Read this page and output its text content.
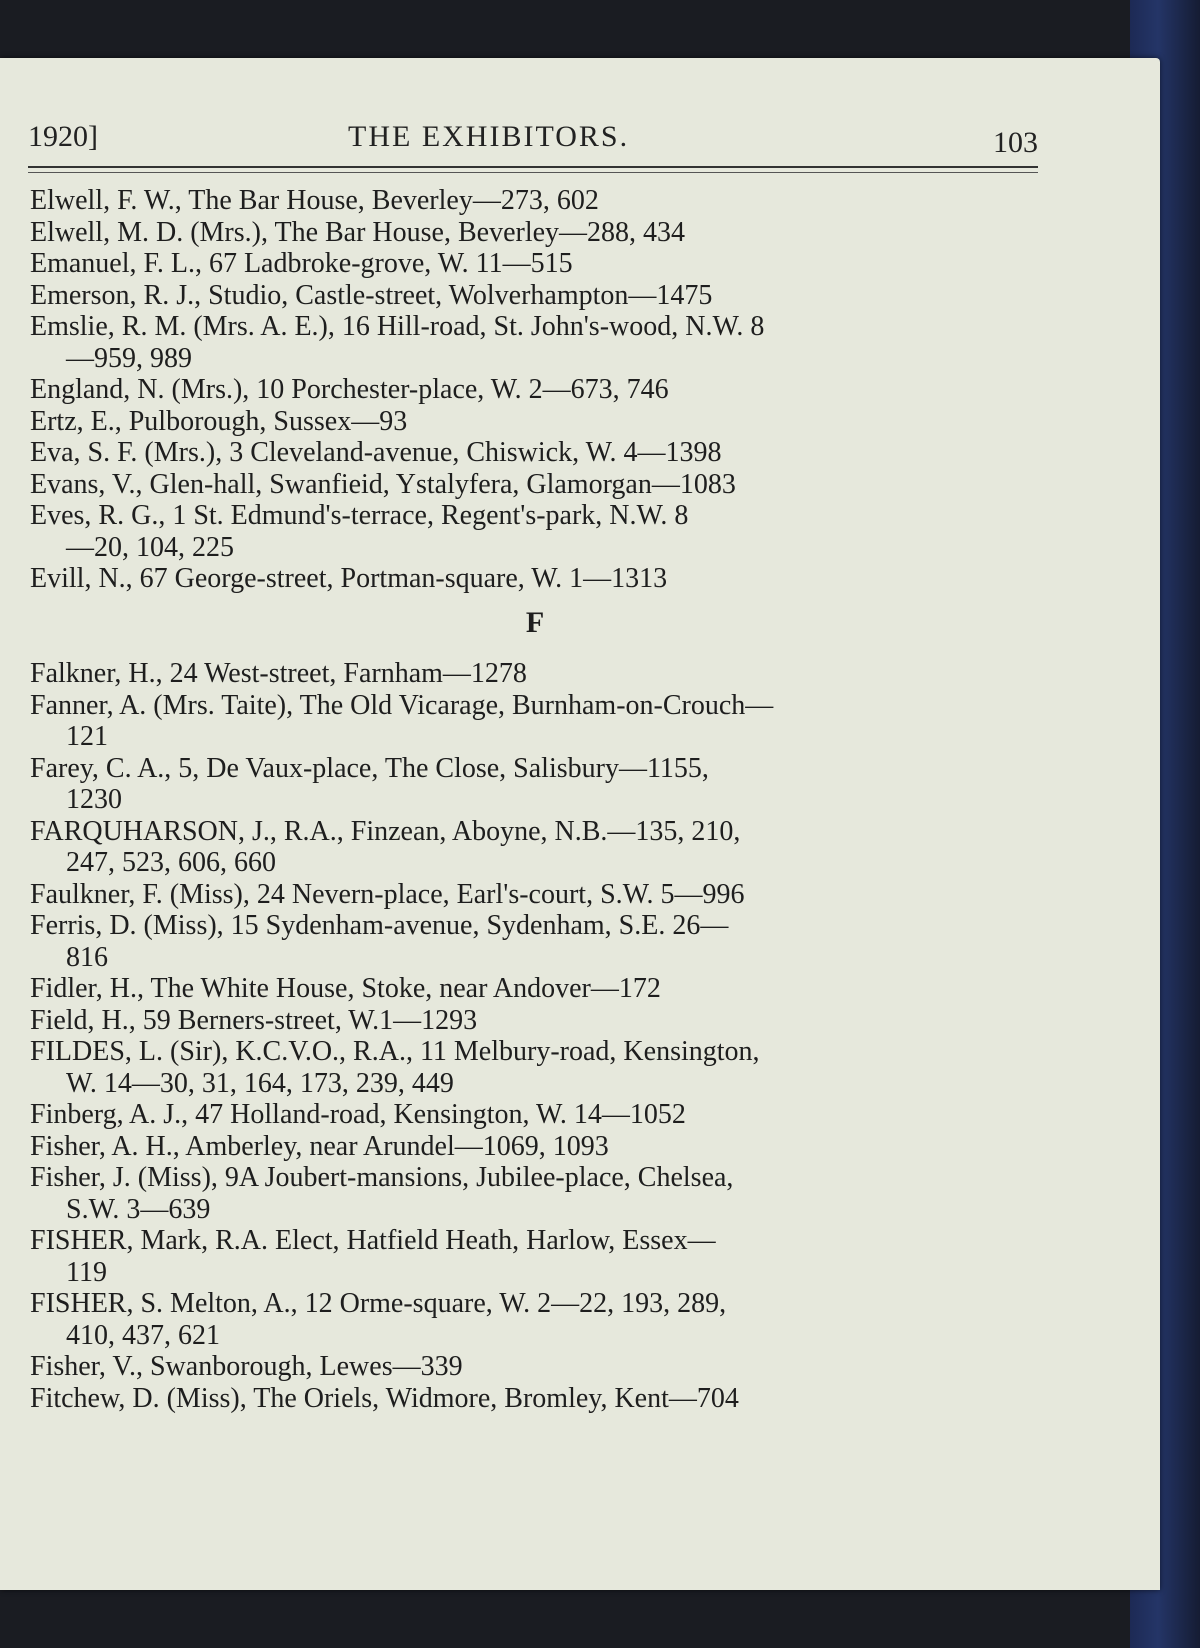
1920]	THE EXHIBITORS.	103
Elwell, F. W., The Bar House, Beverley—273, 602
Elwell, M. D. (Mrs.), The Bar House, Beverley—288, 434
Emanuel, F. L., 67 Ladbroke-grove, W. 11—515
Emerson, R. J., Studio, Castle-street, Wolverhampton—1475
Emslie, R. M. (Mrs. A. E.), 16 Hill-road, St. John's-wood, N.W. 8
—959, 989
England, N. (Mrs.), 10 Porchester-place, W. 2—673, 746
Ertz, E., Pulborough, Sussex—93
Eva, S. F. (Mrs.), 3 Cleveland-avenue, Chiswick, W. 4—1398
Evans, V., Glen-hall, Swanfieid, Ystalyfera, Glamorgan—1083
Eves, R. G., 1 St. Edmund's-terrace, Regent's-park, N.W. 8
—20, 104, 225
Evill, N., 67 George-street, Portman-square, W. 1—1313
F
Falkner, H., 24 West-street, Farnham—1278
Fanner, A. (Mrs. Taite), The Old Vicarage, Burnham-on-Crouch—
121
Farey, C. A., 5, De Vaux-place, The Close, Salisbury—1155,
1230
FARQUHARSON, J., R.A., Finzean, Aboyne, N.B.—135, 210,
247, 523, 606, 660
Faulkner, F. (Miss), 24 Nevern-place, Earl's-court, S.W. 5—996
Ferris, D. (Miss), 15 Sydenham-avenue, Sydenham, S.E. 26—
816
Fidler, H., The White House, Stoke, near Andover—172
Field, H., 59 Berners-street, W.1—1293
FILDES, L. (Sir), K.C.V.O., R.A., 11 Melbury-road, Kensington,
W. 14—30, 31, 164, 173, 239, 449
Finberg, A. J., 47 Holland-road, Kensington, W. 14—1052
Fisher, A. H., Amberley, near Arundel—1069, 1093
Fisher, J. (Miss), 9A Joubert-mansions, Jubilee-place, Chelsea,
S.W. 3—639
FISHER, Mark, R.A. Elect, Hatfield Heath, Harlow, Essex—
119
FISHER, S. Melton, A., 12 Orme-square, W. 2—22, 193, 289,
410, 437, 621
Fisher, V., Swanborough, Lewes—339
Fitchew, D. (Miss), The Oriels, Widmore, Bromley, Kent—704
